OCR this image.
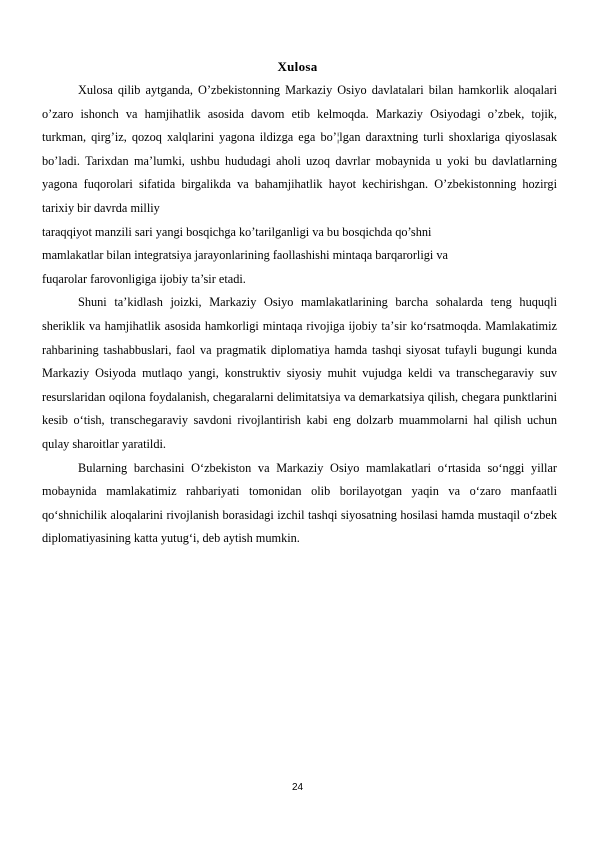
Xulosa

Xulosa qilib aytganda, O’zbekistonning Markaziy Osiyo davlatalari bilan hamkorlik aloqalari o’zaro ishonch va hamjihatlik asosida davom etib kelmoqda. Markaziy Osiyodagi o’zbek, tojik, turkman, qirg’iz, qozoq xalqlarini yagona ildizga ega bo’¦lgan daraxtning turli shoxlariga qiyoslasak bo’ladi. Tarixdan ma’lumki, ushbu hududagi aholi uzoq davrlar mobaynida u yoki bu davlatlarning yagona fuqorolari sifatida birgalikda va bahamjihatlik hayot kechirishgan. O’zbekistonning hozirgi tarixiy bir davrda milliy

taraqqiyot manzili sari yangi bosqichga ko’tarilganligi va bu bosqichda qo’shni
mamlakatlar bilan integratsiya jarayonlarining faollashishi mintaqa barqarorligi va
fuqarolar farovonligiga ijobiy ta’sir etadi.

Shuni ta’kidlash joizki, Markaziy Osiyo mamlakatlarining barcha sohalarda teng huquqli sheriklik va hamjihatlik asosida hamkorligi mintaqa rivojiga ijobiy taʼsir koʻrsatmoqda. Mamlakatimiz rahbarining tashabbuslari, faol va pragmatik diplomatiya hamda tashqi siyosat tufayli bugungi kunda Markaziy Osiyoda mutlaqo yangi, konstruktiv siyosiy muhit vujudga keldi va transchegaraviy suv resurslaridan oqilona foydalanish, chegaralarni delimitatsiya va demarkatsiya qilish, chegara punktlarini kesib oʻtish, transchegaraviy savdoni rivojlantirish kabi eng dolzarb muammolarni hal qilish uchun qulay sharoitlar yaratildi.

Bularning barchasini Oʻzbekiston va Markaziy Osiyo mamlakatlari oʻrtasida soʻnggi yillar mobaynida mamlakatimiz rahbariyati tomonidan olib borilayotgan yaqin va oʻzaro manfaatli qoʻshnichilik aloqalarini rivojlanish borasidagi izchil tashqi siyosatning hosilasi hamda mustaqil oʻzbek diplomatiyasining katta yutugʻi, deb aytish mumkin.

24
